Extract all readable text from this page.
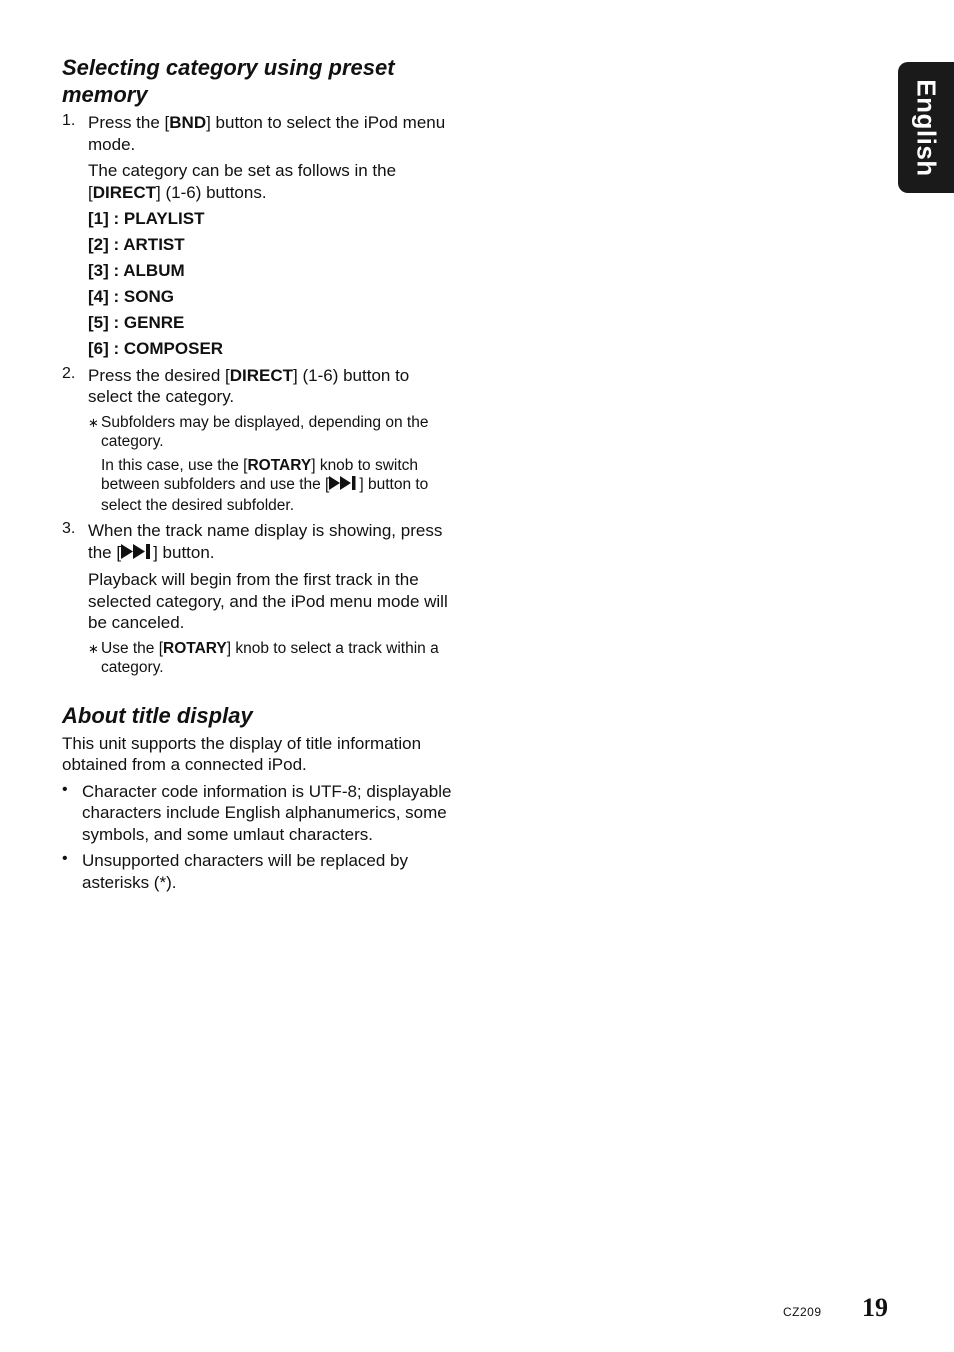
Selecting category using preset memory
1. Press the [BND] button to select the iPod menu mode.

The category can be set as follows in the [DIRECT] (1-6) buttons.

[1] : PLAYLIST
[2] : ARTIST
[3] : ALBUM
[4] : SONG
[5] : GENRE
[6] : COMPOSER
2. Press the desired [DIRECT] (1-6) button to select the category.

∗ Subfolders may be displayed, depending on the category.

In this case, use the [ROTARY] knob to switch between subfolders and use the [ ] button to select the desired subfolder.

3. When the track name display is showing, press the [ ] button.

Playback will begin from the first track in the selected category, and the iPod menu mode will be canceled.

∗ Use the [ROTARY] knob to select a track within a category.

About title display

This unit supports the display of title information obtained from a connected iPod.

• Character code information is UTF-8; displayable characters include English alphanumerics, some symbols, and some umlaut characters.

• Unsupported characters will be replaced by asterisks (*).

English
CZ209 19
